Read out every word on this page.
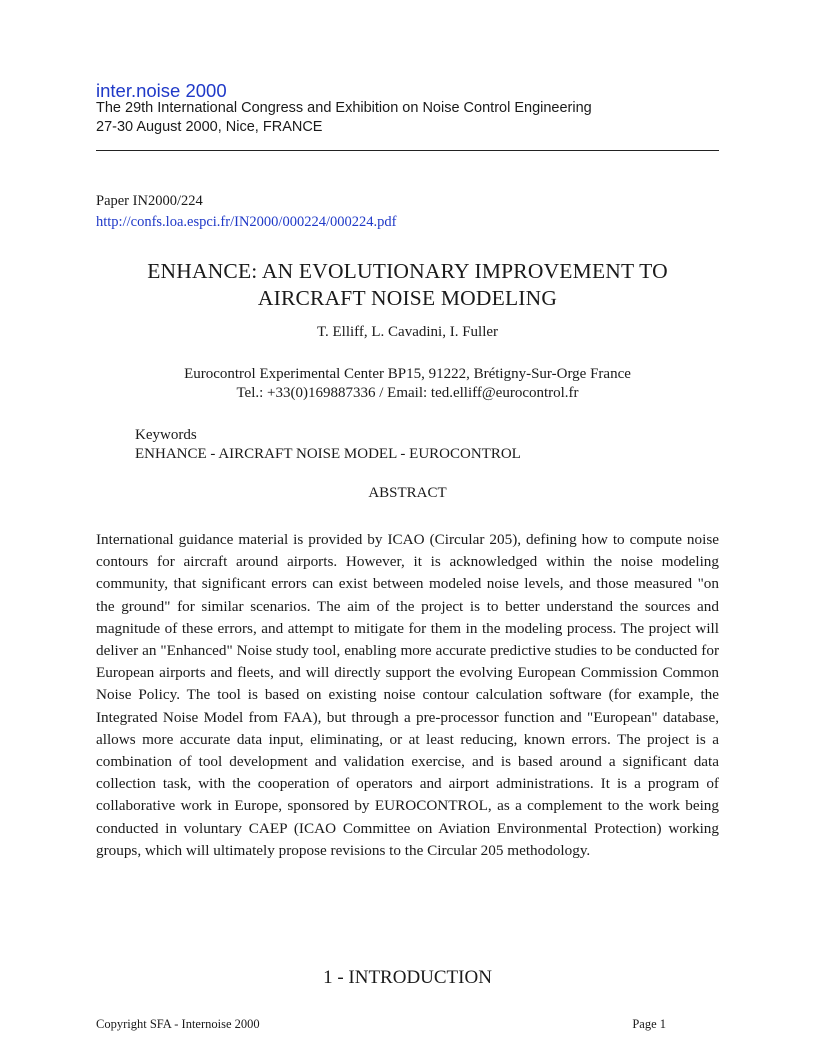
inter.noise 2000
The 29th International Congress and Exhibition on Noise Control Engineering
27-30 August 2000, Nice, FRANCE
Paper IN2000/224
http://confs.loa.espci.fr/IN2000/000224/000224.pdf
ENHANCE: AN EVOLUTIONARY IMPROVEMENT TO
AIRCRAFT NOISE MODELING
T. Elliff, L. Cavadini, I. Fuller
Eurocontrol Experimental Center BP15, 91222, Brétigny-Sur-Orge France
Tel.: +33(0)169887336 / Email: ted.elliff@eurocontrol.fr
Keywords
ENHANCE - AIRCRAFT NOISE MODEL - EUROCONTROL
ABSTRACT

International guidance material is provided by ICAO (Circular 205), defining how to compute noise contours for aircraft around airports. However, it is acknowledged within the noise modeling community, that significant errors can exist between modeled noise levels, and those measured "on the ground" for similar scenarios. The aim of the project is to better understand the sources and magnitude of these errors, and attempt to mitigate for them in the modeling process. The project will deliver an "Enhanced" Noise study tool, enabling more accurate predictive studies to be conducted for European airports and fleets, and will directly support the evolving European Commission Common Noise Policy. The tool is based on existing noise contour calculation software (for example, the Integrated Noise Model from FAA), but through a pre-processor function and "European" database, allows more accurate data input, eliminating, or at least reducing, known errors. The project is a combination of tool development and validation exercise, and is based around a significant data collection task, with the cooperation of operators and airport administrations. It is a program of collaborative work in Europe, sponsored by EUROCONTROL, as a complement to the work being conducted in voluntary CAEP (ICAO Committee on Aviation Environmental Protection) working groups, which will ultimately propose revisions to the Circular 205 methodology.

1 - INTRODUCTION
Copyright SFA - Internoise 2000	Page 1
